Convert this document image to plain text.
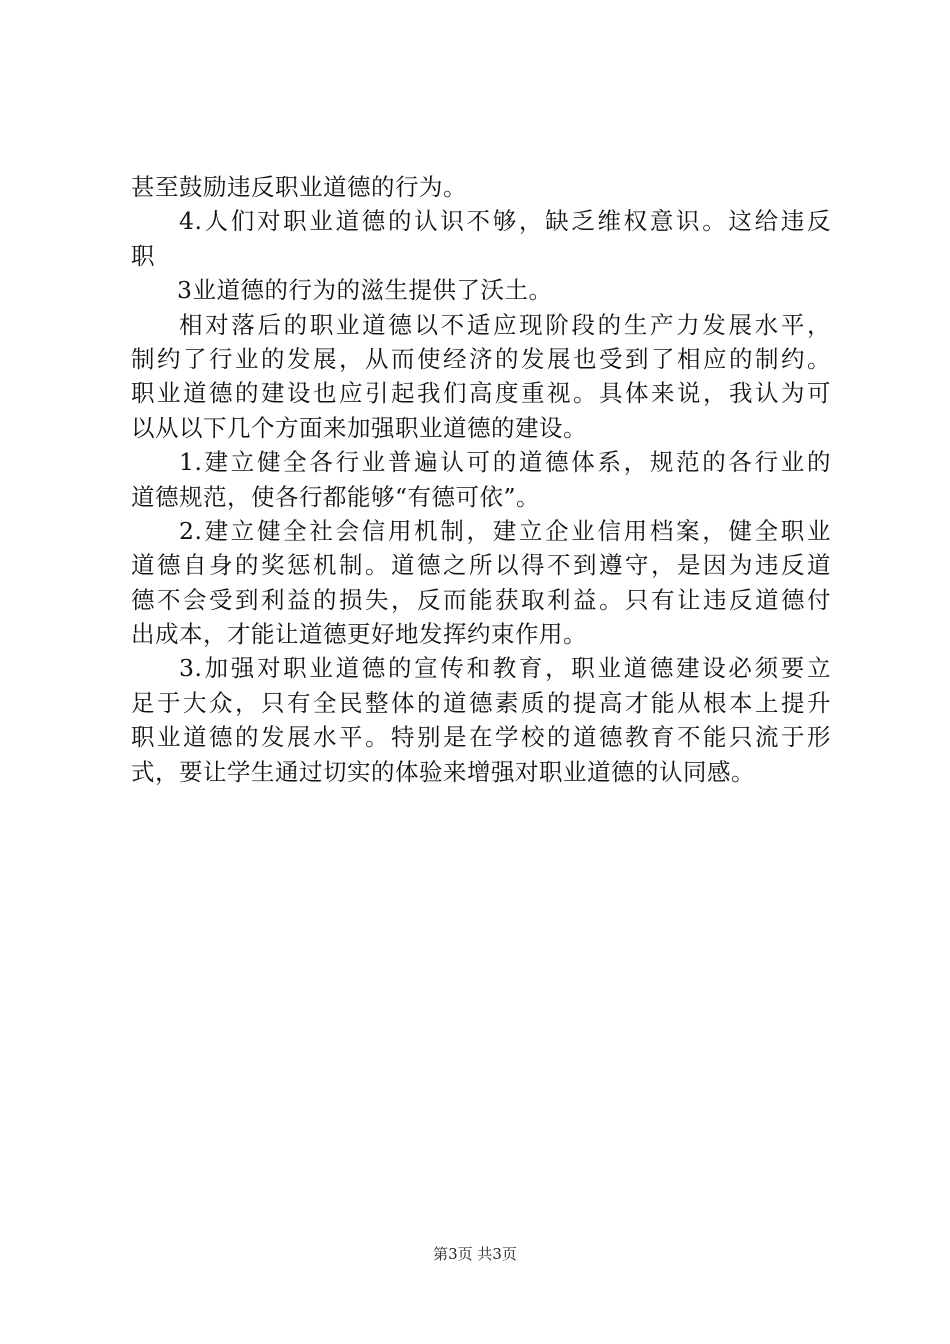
甚至鼓励违反职业道德的行为。
4.人们对职业道德的认识不够，缺乏维权意识。这给违反
职
3业道德的行为的滋生提供了沃土。
相对落后的职业道德以不适应现阶段的生产力发展水平，
制约了行业的发展，从而使经济的发展也受到了相应的制约。
职业道德的建设也应引起我们高度重视。具体来说，我认为可
以从以下几个方面来加强职业道德的建设。
1.建立健全各行业普遍认可的道德体系，规范的各行业的
道德规范，使各行都能够“有德可依”。
2.建立健全社会信用机制，建立企业信用档案，健全职业
道德自身的奖惩机制。道德之所以得不到遵守，是因为违反道
德不会受到利益的损失，反而能获取利益。只有让违反道德付
出成本，才能让道德更好地发挥约束作用。
3.加强对职业道德的宣传和教育，职业道德建设必须要立
足于大众，只有全民整体的道德素质的提高才能从根本上提升
职业道德的发展水平。特别是在学校的道德教育不能只流于形
式，要让学生通过切实的体验来增强对职业道德的认同感。
第3页 共3页
